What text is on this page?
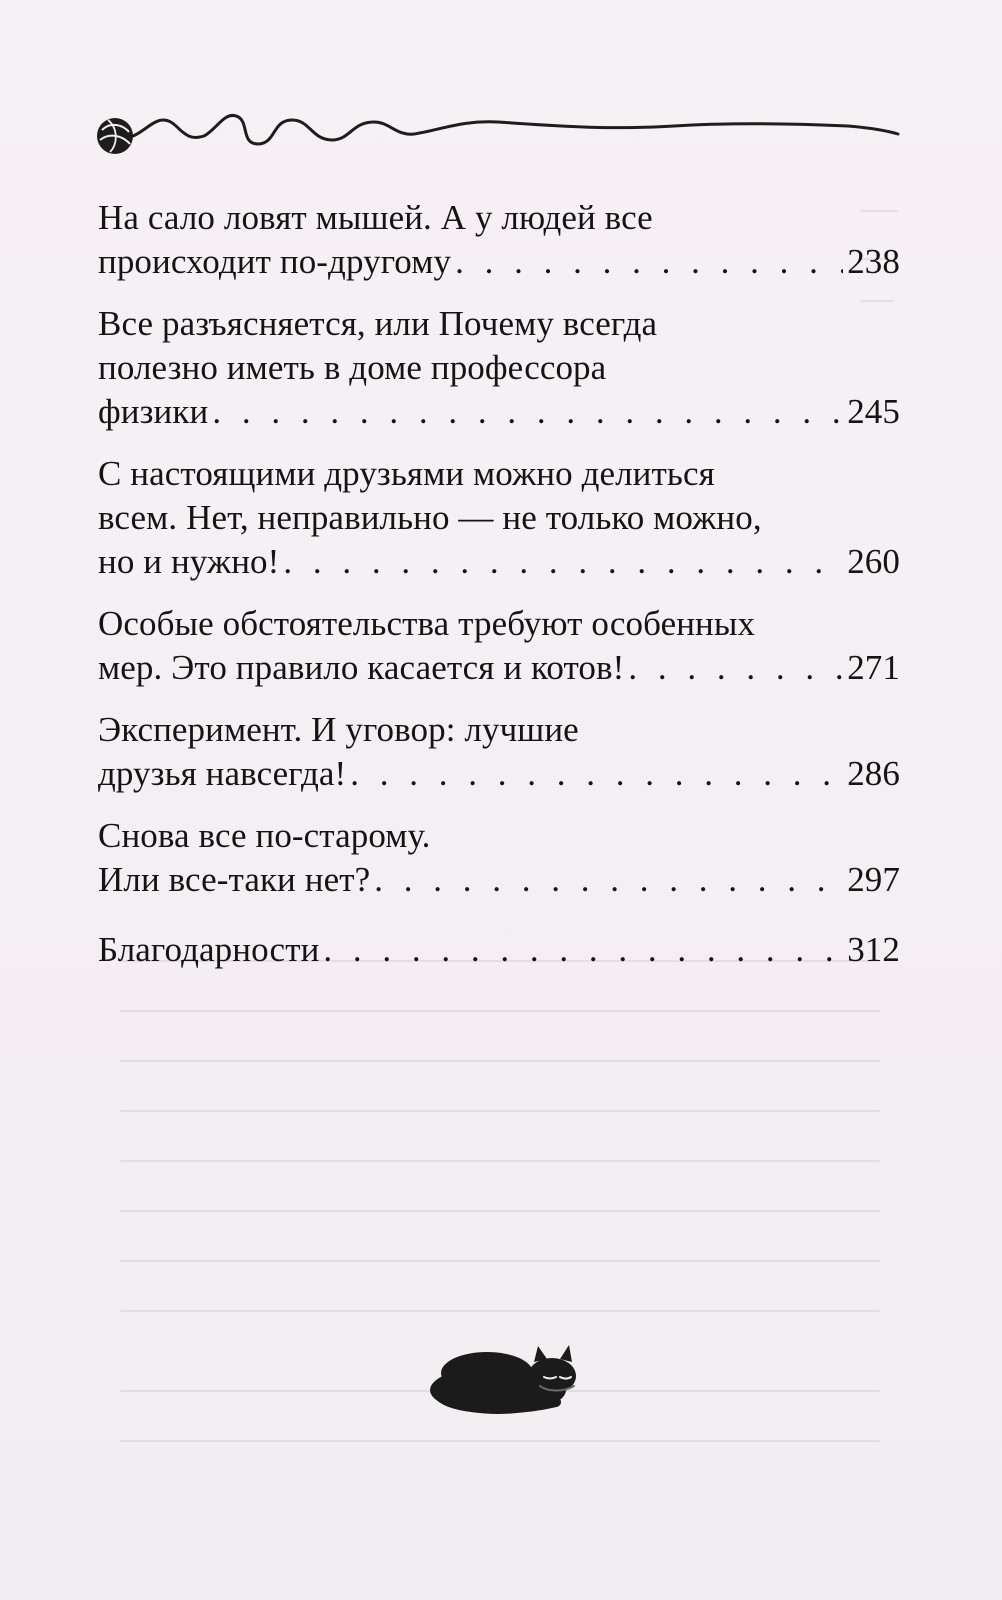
На сало ловят мышей. А у людей все
происходит по-другому . . .	238
Все разъясняется, или Почему всегда
полезно иметь в доме профессора
физики . . .	245
С настоящими друзьями можно делиться
всем. Нет, неправильно — не только можно,
но и нужно! . . .	260
Особые обстоятельства требуют особенных
мер. Это правило касается и котов! . . .	271
Эксперимент. И уговор: лучшие
друзья навсегда! . . .	286
Снова все по-старому.
Или все-таки нет? . . .	297
Благодарности . . .	312
